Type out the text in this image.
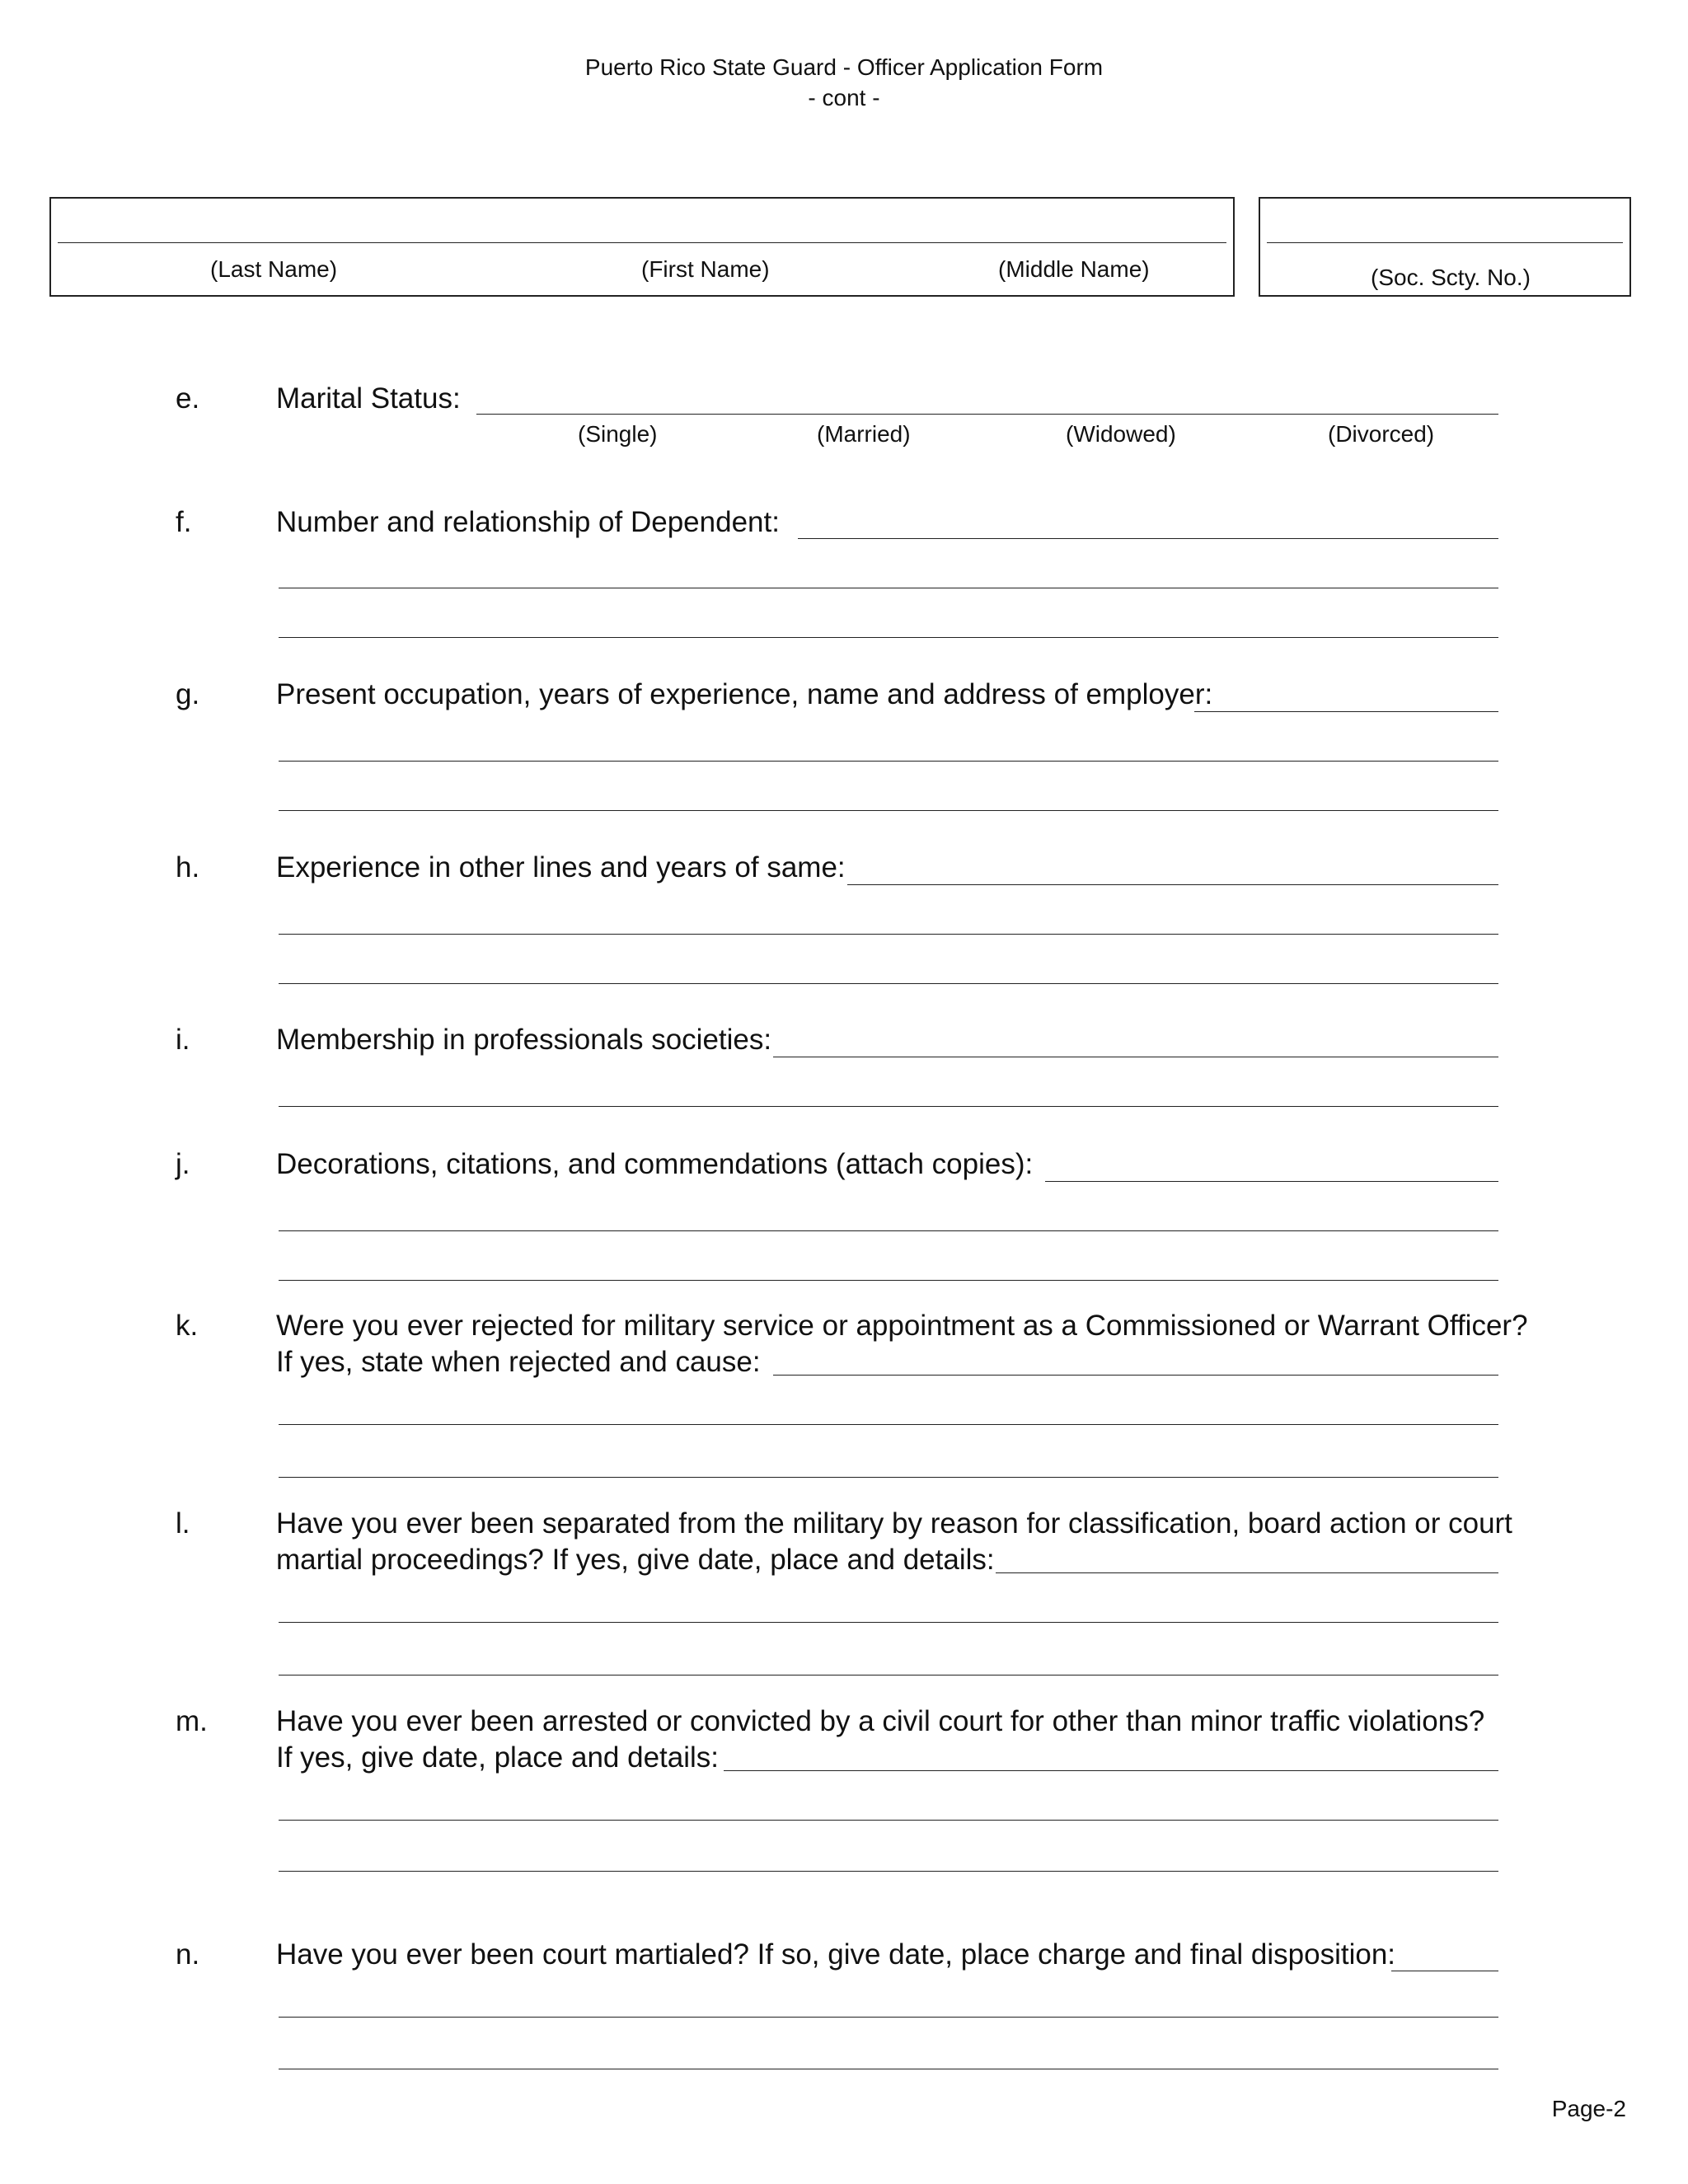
Puerto Rico State Guard - Officer Application Form
- cont -
(Last Name)	(First Name)	(Middle Name)	(Soc. Scty. No.)
e.	Marital Status:
(Single)	(Married)	(Widowed)	(Divorced)
f.	Number and relationship of Dependent:
g.	Present occupation, years of experience, name and address of employer:
h.	Experience in other lines and years of same:
i.	Membership in professionals societies:
j.	Decorations, citations, and commendations (attach copies):
k.	Were you ever rejected for military service or appointment as a Commissioned or Warrant Officer?
If yes, state when rejected and cause:
l.	Have you ever been separated from the military by reason for classification, board action or court
martial proceedings? If yes, give date, place and details:
m. Have you ever been arrested or convicted by a civil court for other than minor traffic violations?
If yes, give date, place and details:
n.	Have you ever been court martialed? If so, give date, place charge and final disposition:
Page-2
